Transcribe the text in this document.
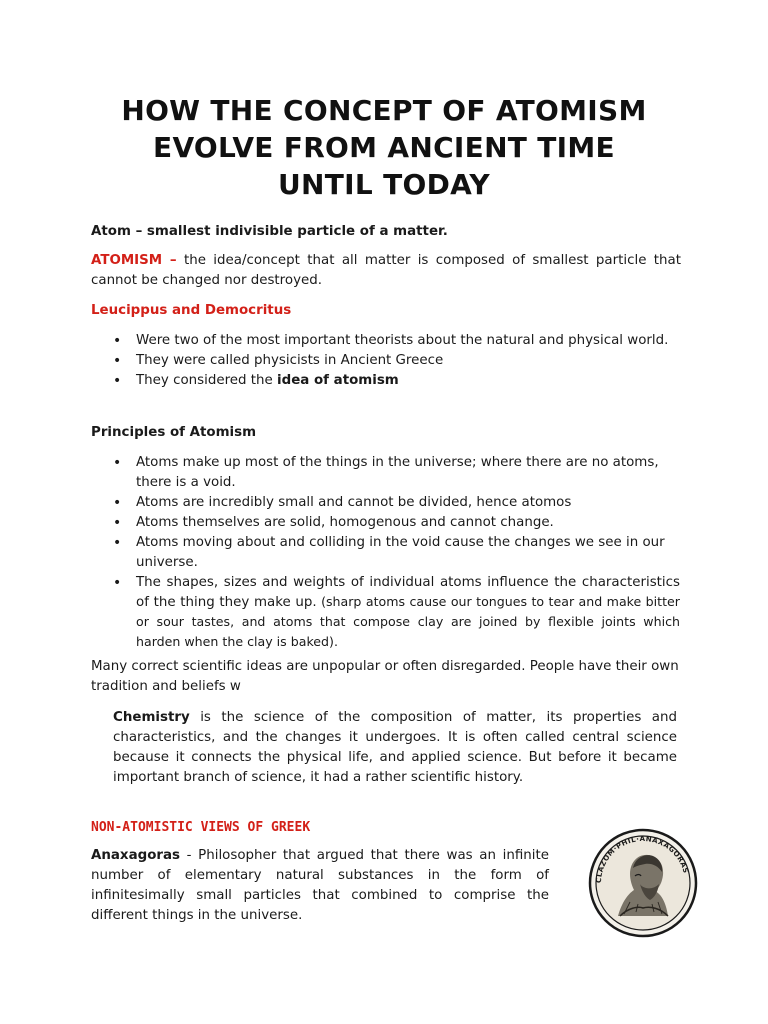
HOW THE CONCEPT OF ATOMISM
EVOLVE FROM ANCIENT TIME
UNTIL TODAY
Atom – smallest indivisible particle of a matter.
ATOMISM – the idea/concept that all matter is composed of smallest particle that cannot be changed nor destroyed.
Leucippus and Democritus
• Were two of the most important theorists about the natural and physical world.
• They were called physicists in Ancient Greece
• They considered the idea of atomism
Principles of Atomism
• Atoms make up most of the things in the universe; where there are no atoms, there is a void.
• Atoms are incredibly small and cannot be divided, hence atomos
• Atoms themselves are solid, homogenous and cannot change.
• Atoms moving about and colliding in the void cause the changes we see in our universe.
• The shapes, sizes and weights of individual atoms influence the characteristics of the thing they make up. (sharp atoms cause our tongues to tear and make bitter or sour tastes, and atoms that compose clay are joined by flexible joints which harden when the clay is baked).
Many correct scientific ideas are unpopular or often disregarded. People have their own tradition and beliefs w
Chemistry is the science of the composition of matter, its properties and characteristics, and the changes it undergoes. It is often called central science because it connects the physical life, and applied science. But before it became important branch of science, it had a rather scientific history.
NON-ATOMISTIC VIEWS OF GREEK
Anaxagoras - Philosopher that argued that there was an infinite number of elementary natural substances in the form of infinitesimally small particles that combined to comprise the different things in the universe.
CLAZOM·PHIL·ANAXAGORAS
